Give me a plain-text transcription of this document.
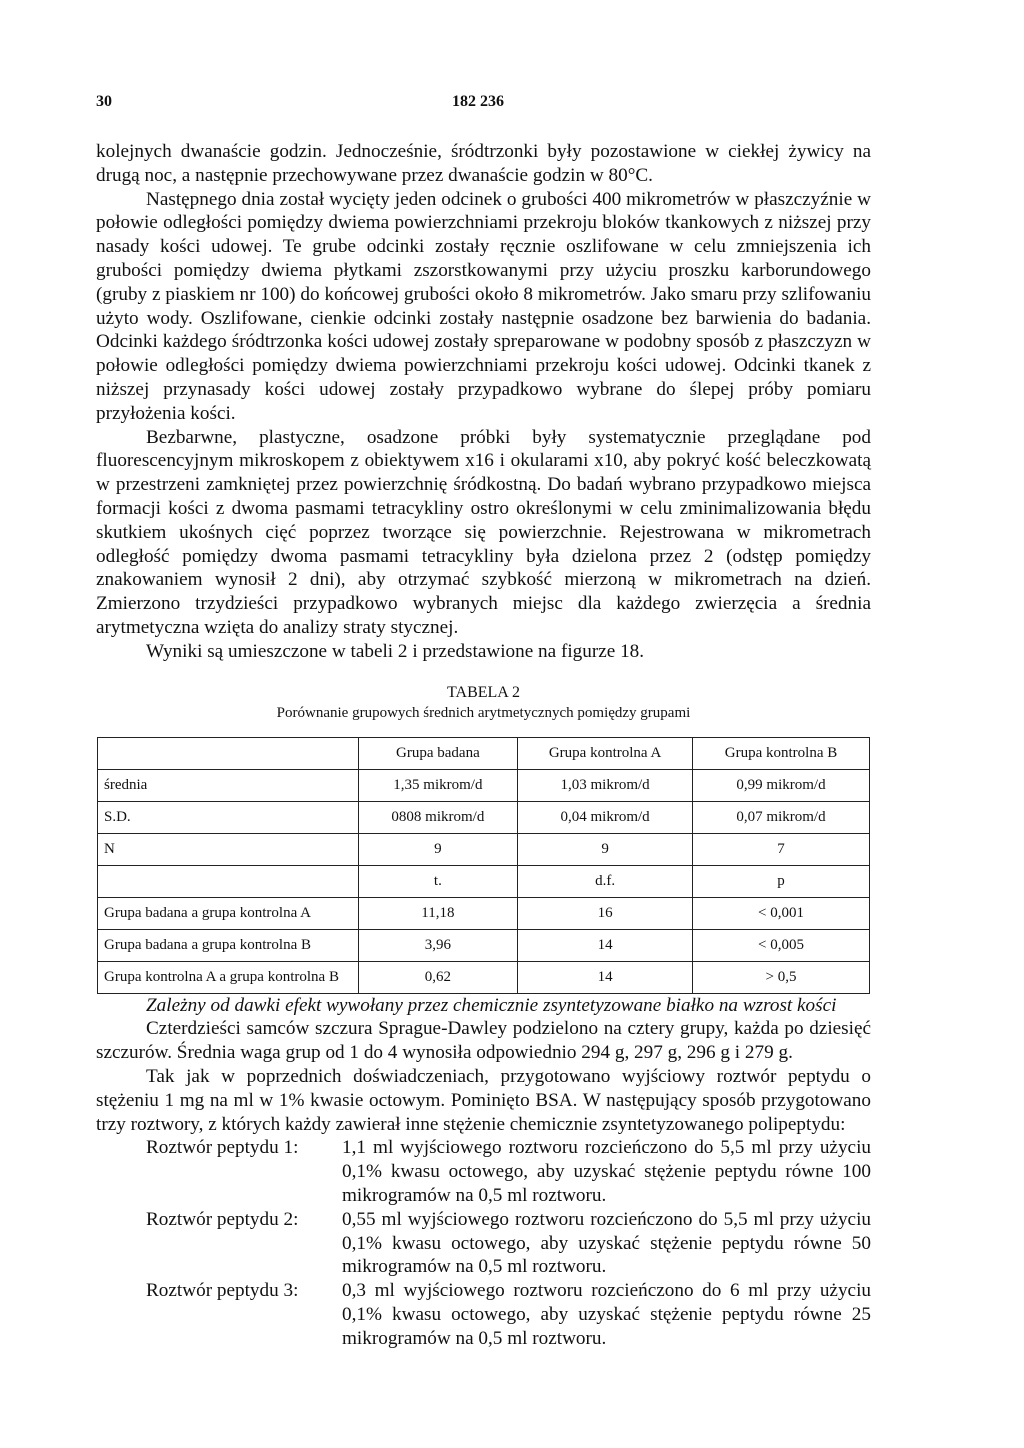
30	182 236

kolejnych dwanaście godzin. Jednocześnie, śródtrzonki były pozostawione w ciekłej żywicy na drugą noc, a następnie przechowywane przez dwanaście godzin w 80°C.

Następnego dnia został wycięty jeden odcinek o grubości 400 mikrometrów w płaszczyźnie w połowie odległości pomiędzy dwiema powierzchniami przekroju bloków tkankowych z niższej przy nasady kości udowej. Te grube odcinki zostały ręcznie oszlifowane w celu zmniejszenia ich grubości pomiędzy dwiema płytkami zszorstkowanymi przy użyciu proszku karborundowego (gruby z piaskiem nr 100) do końcowej grubości około 8 mikrometrów. Jako smaru przy szlifowaniu użyto wody. Oszlifowane, cienkie odcinki zostały następnie osadzone bez barwienia do badania. Odcinki każdego śródtrzonka kości udowej zostały spreparowane w podobny sposób z płaszczyzn w połowie odległości pomiędzy dwiema powierzchniami przekroju kości udowej. Odcinki tkanek z niższej przynasady kości udowej zostały przypadkowo wybrane do ślepej próby pomiaru przyłożenia kości.

Bezbarwne, plastyczne, osadzone próbki były systematycznie przeglądane pod fluorescencyjnym mikroskopem z obiektywem x16 i okularami x10, aby pokryć kość beleczkowatą w przestrzeni zamkniętej przez powierzchnię śródkostną. Do badań wybrano przypadkowo miejsca formacji kości z dwoma pasmami tetracykliny ostro określonymi w celu zminimalizowania błędu skutkiem ukośnych cięć poprzez tworzące się powierzchnie. Rejestrowana w mikrometrach odległość pomiędzy dwoma pasmami tetracykliny była dzielona przez 2 (odstęp pomiędzy znakowaniem wynosił 2 dni), aby otrzymać szybkość mierzoną w mikrometrach na dzień. Zmierzono trzydzieści przypadkowo wybranych miejsc dla każdego zwierzęcia a średnia arytmetyczna wzięta do analizy straty stycznej.

Wyniki są umieszczone w tabeli 2 i przedstawione na figurze 18.

TABELA 2
Porównanie grupowych średnich arytmetycznych pomiędzy grupami
	Grupa badana	Grupa kontrolna A	Grupa kontrolna B
średnia	1,35 mikrom/d	1,03 mikrom/d	0,99 mikrom/d
S.D.	0808 mikrom/d	0,04 mikrom/d	0,07 mikrom/d
N	9	9	7
	t.	d.f.	p
Grupa badana a grupa kontrolna A	11,18	16	< 0,001
Grupa badana a grupa kontrolna B	3,96	14	< 0,005
Grupa kontrolna A a grupa kontrolna B	0,62	14	> 0,5

Zależny od dawki efekt wywołany przez chemicznie zsyntetyzowane białko na wzrost kości

Czterdzieści samców szczura Sprague-Dawley podzielono na cztery grupy, każda po dziesięć szczurów. Średnia waga grup od 1 do 4 wynosiła odpowiednio 294 g, 297 g, 296 g i 279 g.

Tak jak w poprzednich doświadczeniach, przygotowano wyjściowy roztwór peptydu o stężeniu 1 mg na ml w 1% kwasie octowym. Pominięto BSA. W następujący sposób przygotowano trzy roztwory, z których każdy zawierał inne stężenie chemicznie zsyntetyzowanego polipeptydu:

Roztwór peptydu 1:	1,1 ml wyjściowego roztworu rozcieńczono do 5,5 ml przy użyciu 0,1% kwasu octowego, aby uzyskać stężenie peptydu równe 100 mikrogramów na 0,5 ml roztworu.
Roztwór peptydu 2:	0,55 ml wyjściowego roztworu rozcieńczono do 5,5 ml przy użyciu 0,1% kwasu octowego, aby uzyskać stężenie peptydu równe 50 mikrogramów na 0,5 ml roztworu.
Roztwór peptydu 3:	0,3 ml wyjściowego roztworu rozcieńczono do 6 ml przy użyciu 0,1% kwasu octowego, aby uzyskać stężenie peptydu równe 25 mikrogramów na 0,5 ml roztworu.
